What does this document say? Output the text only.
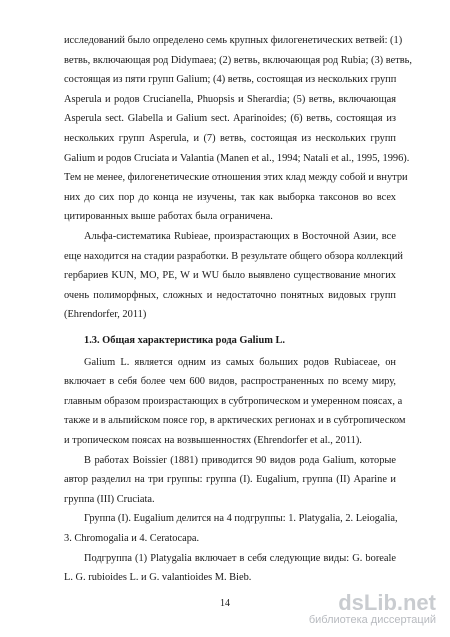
исследований было определено семь крупных филогенетических ветвей: (1)
ветвь, включающая род Didymaea; (2) ветвь, включающая род Rubia; (3) ветвь,
состоящая из пяти групп Galium; (4) ветвь, состоящая из нескольких групп
Asperula и родов Crucianella, Phuopsis и Sherardia; (5) ветвь, включающая
Asperula sect. Glabella и Galium sect. Aparinoides; (6) ветвь, состоящая из
нескольких групп Asperula, и (7) ветвь, состоящая из нескольких групп
Galium и родов Cruciata и Valantia (Manen et al., 1994; Natali et al., 1995, 1996).
Тем не менее, филогенетические отношения этих клад между собой и внутри
них до сих пор до конца не изучены, так как выборка таксонов во всех
цитированных выше работах была ограничена.
Альфа-систематика Rubieae, произрастающих в Восточной Азии, все
еще находится на стадии разработки. В результате общего обзора коллекций
гербариев KUN, MO, PE, W и WU было выявлено существование многих
очень полиморфных, сложных и недостаточно понятных видовых групп
(Ehrendorfer, 2011)
1.3. Общая характеристика рода Galium L.
Galium L. является одним из самых больших родов Rubiaceae, он
включает в себя более чем 600 видов, распространенных по всему миру,
главным образом произрастающих в субтропическом и умеренном поясах, а
также и в альпийском поясе гор, в арктических регионах и в субтропическом
и тропическом поясах на возвышенностях (Ehrendorfer et al., 2011).
В работах Boissier (1881) приводится 90 видов рода Galium, которые
автор разделил на три группы: группа (I). Eugalium, группа (II) Aparine и
группа (III) Cruciata.
Группа (I). Eugalium делится на 4 подгруппы: 1. Platygalia, 2. Leiogalia,
3. Chromogalia и 4. Ceratocapa.
Подгруппа (1) Platygalia включает в себя следующие виды: G. boreale
L. G. rubioides L. и G. valantioides M. Bieb.
14	dsLib.net
библиотека диссертаций
